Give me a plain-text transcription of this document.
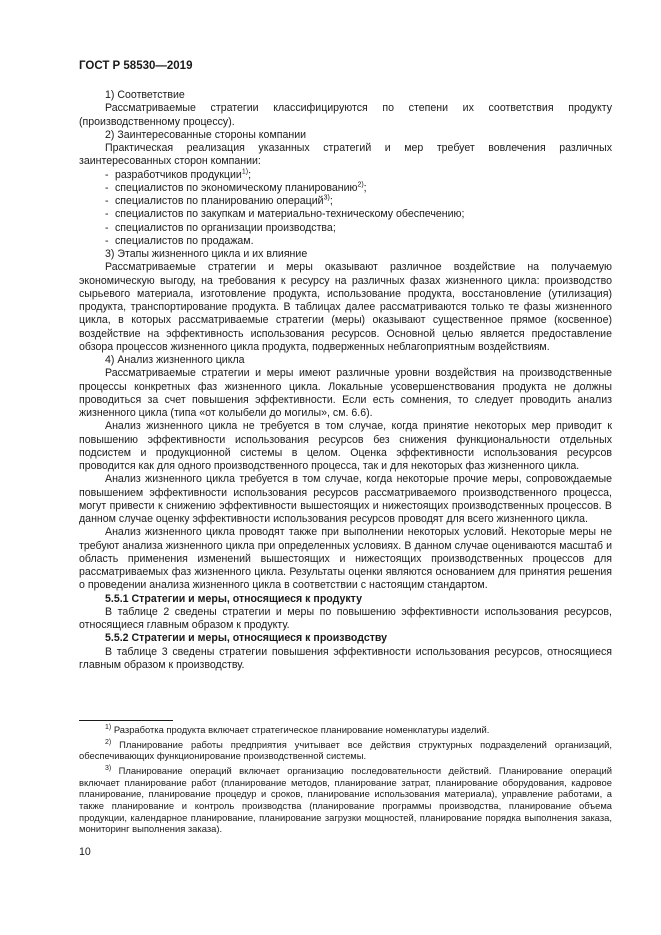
ГОСТ Р 58530—2019

1) Соответствие

Рассматриваемые стратегии классифицируются по степени их соответствия продукту (производственному процессу).

2) Заинтересованные стороны компании

Практическая реализация указанных стратегий и мер требует вовлечения различных заинтересованных сторон компании:

- разработчиков продукции$^{1)}$;

- специалистов по экономическому планированию$^{2)}$;

- специалистов по планированию операций$^{3)}$;

- специалистов по закупкам и материально-техническому обеспечению;

- специалистов по организации производства;

- специалистов по продажам.

3) Этапы жизненного цикла и их влияние

Рассматриваемые стратегии и меры оказывают различное воздействие на получаемую экономическую выгоду, на требования к ресурсу на различных фазах жизненного цикла: производство сырьевого материала, изготовление продукта, использование продукта, восстановление (утилизация) продукта, транспортирование продукта. В таблицах далее рассматриваются только те фазы жизненного цикла, в которых рассматриваемые стратегии (меры) оказывают существенное прямое (косвенное) воздействие на эффективность использования ресурсов. Основной целью является предоставление обзора процессов жизненного цикла продукта, подверженных неблагоприятным воздействиям.

4) Анализ жизненного цикла

Рассматриваемые стратегии и меры имеют различные уровни воздействия на производственные процессы конкретных фаз жизненного цикла. Локальные усовершенствования продукта не должны проводиться за счет повышения эффективности. Если есть сомнения, то следует проводить анализ жизненного цикла (типа «от колыбели до могилы», см. 6.6).

Анализ жизненного цикла не требуется в том случае, когда принятие некоторых мер приводит к повышению эффективности использования ресурсов без снижения функциональности отдельных подсистем и продукционной системы в целом. Оценка эффективности использования ресурсов проводится как для одного производственного процесса, так и для некоторых фаз жизненного цикла.

Анализ жизненного цикла требуется в том случае, когда некоторые прочие меры, сопровождаемые повышением эффективности использования ресурсов рассматриваемого производственного процесса, могут привести к снижению эффективности вышестоящих и нижестоящих производственных процессов. В данном случае оценку эффективности использования ресурсов проводят для всего жизненного цикла.

Анализ жизненного цикла проводят также при выполнении некоторых условий. Некоторые меры не требуют анализа жизненного цикла при определенных условиях. В данном случае оцениваются масштаб и область применения изменений вышестоящих и нижестоящих производственных процессов для рассматриваемых фаз жизненного цикла. Результаты оценки являются основанием для принятия решения о проведении анализа жизненного цикла в соответствии с настоящим стандартом.

5.5.1 Стратегии и меры, относящиеся к продукту

В таблице 2 сведены стратегии и меры по повышению эффективности использования ресурсов, относящиеся главным образом к продукту.

5.5.2 Стратегии и меры, относящиеся к производству

В таблице 3 сведены стратегии повышения эффективности использования ресурсов, относящиеся главным образом к производству.

$^{1)}$ Разработка продукта включает стратегическое планирование номенклатуры изделий.

$^{2)}$ Планирование работы предприятия учитывает все действия структурных подразделений организаций, обеспечивающих функционирование производственной системы.

$^{3)}$ Планирование операций включает организацию последовательности действий. Планирование операций включает планирование работ (планирование методов, планирование затрат, планирование оборудования, кадровое планирование, планирование процедур и сроков, планирование использования материала), управление работами, а также планирование и контроль производства (планирование программы производства, планирование объема продукции, календарное планирование, планирование загрузки мощностей, планирование порядка выполнения заказа, мониторинг выполнения заказа).

10
